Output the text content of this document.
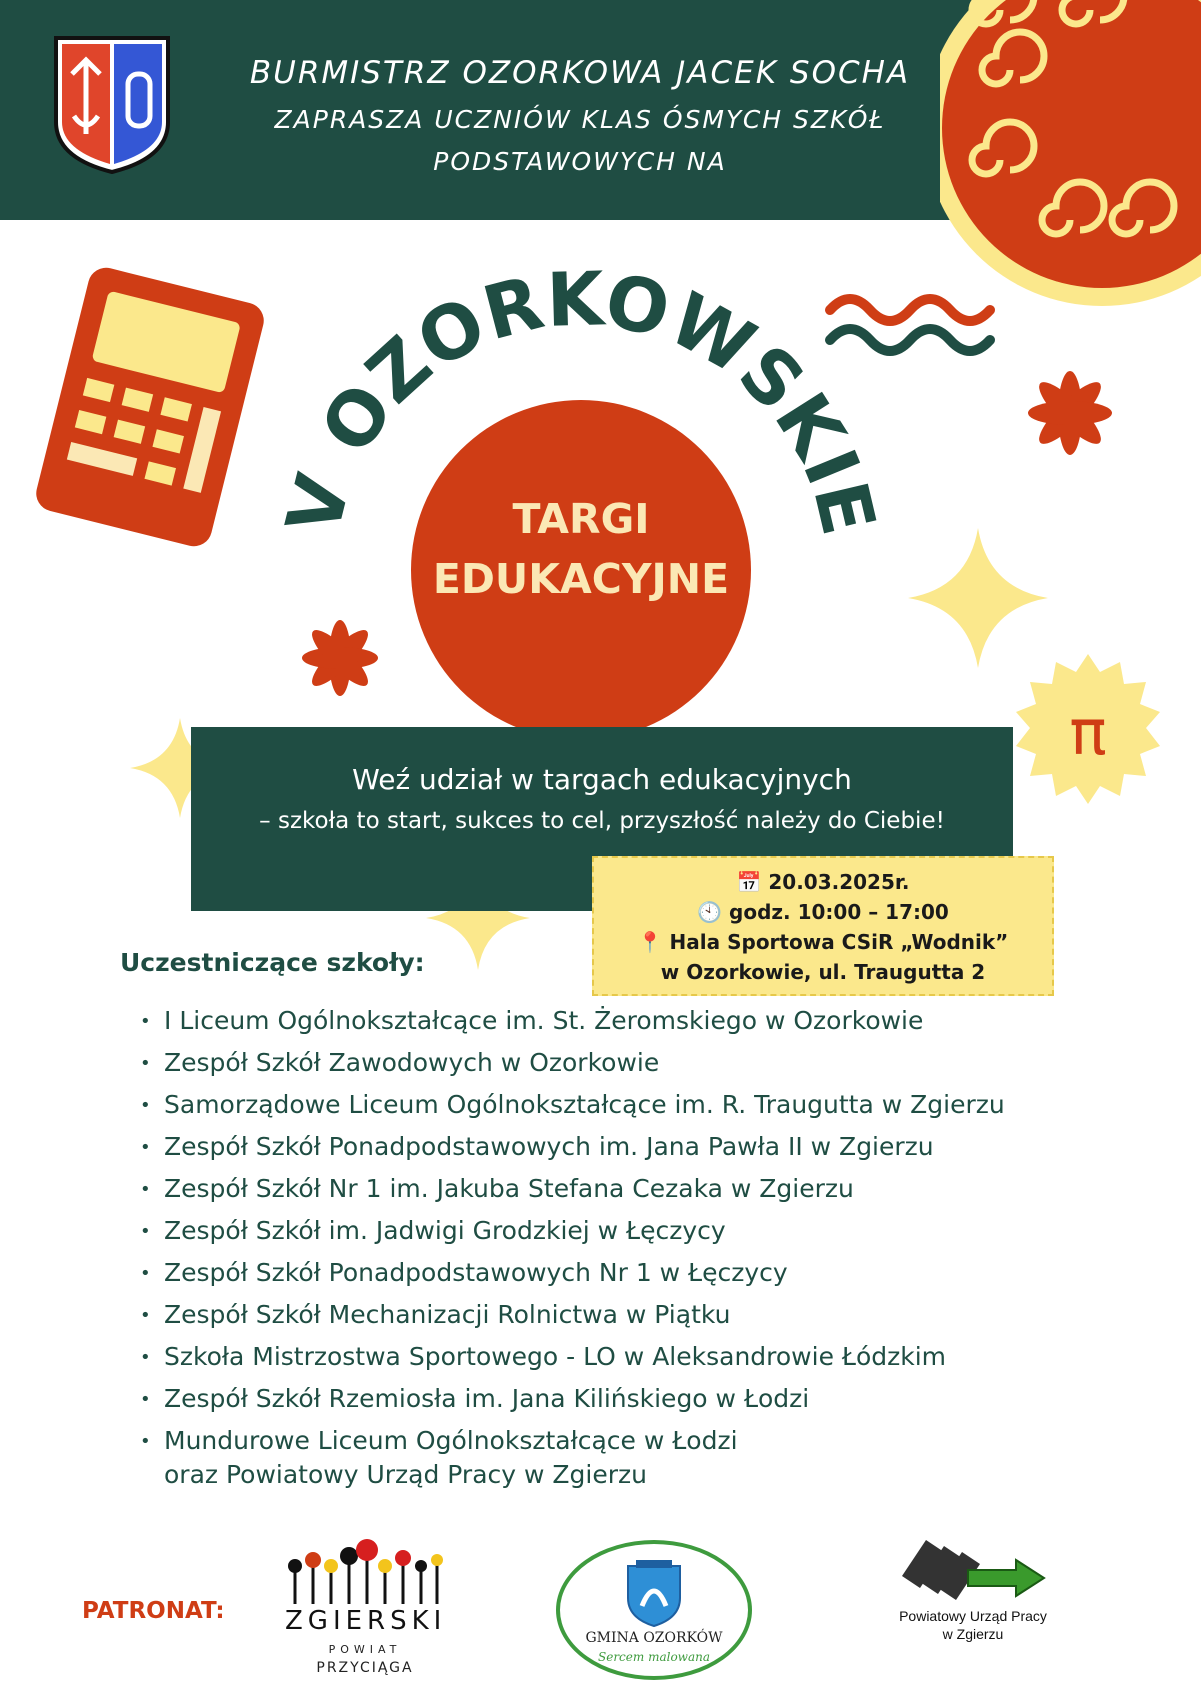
BURMISTRZ OZORKOWA JACEK SOCHA
ZAPRASZA UCZNIÓW KLAS ÓSMYCH SZKÓŁ
PODSTAWOWYCH NA
V OZORKOWSKIE
π
TARGI
EDUKACYJNE
Weź udział w targach edukacyjnych
– szkoła to start, sukces to cel, przyszłość należy do Ciebie!
📅 20.03.2025r.
🕙 godz. 10:00 – 17:00
📍 Hala Sportowa CSiR „Wodnik”
w Ozorkowie, ul. Traugutta 2
Uczestniczące szkoły:
• I Liceum Ogólnokształcące im. St. Żeromskiego w Ozorkowie
• Zespół Szkół Zawodowych w Ozorkowie
• Samorządowe Liceum Ogólnokształcące im. R. Traugutta w Zgierzu
• Zespół Szkół Ponadpodstawowych im. Jana Pawła II w Zgierzu
• Zespół Szkół Nr 1 im. Jakuba Stefana Cezaka w Zgierzu
• Zespół Szkół im. Jadwigi Grodzkiej w Łęczycy
• Zespół Szkół Ponadpodstawowych Nr 1 w Łęczycy
• Zespół Szkół Mechanizacji Rolnictwa w Piątku
• Szkoła Mistrzostwa Sportowego - LO w Aleksandrowie Łódzkim
• Zespół Szkół Rzemiosła im. Jana Kilińskiego w Łodzi
• Mundurowe Liceum Ogólnokształcące w Łodzi
oraz Powiatowy Urząd Pracy w Zgierzu
PATRONAT: ZGIERSKI
POWIAT
PRZYCIĄGA
GMINA OZORKÓW
Sercem malowana
Powiatowy Urząd Pracy
w Zgierzu
